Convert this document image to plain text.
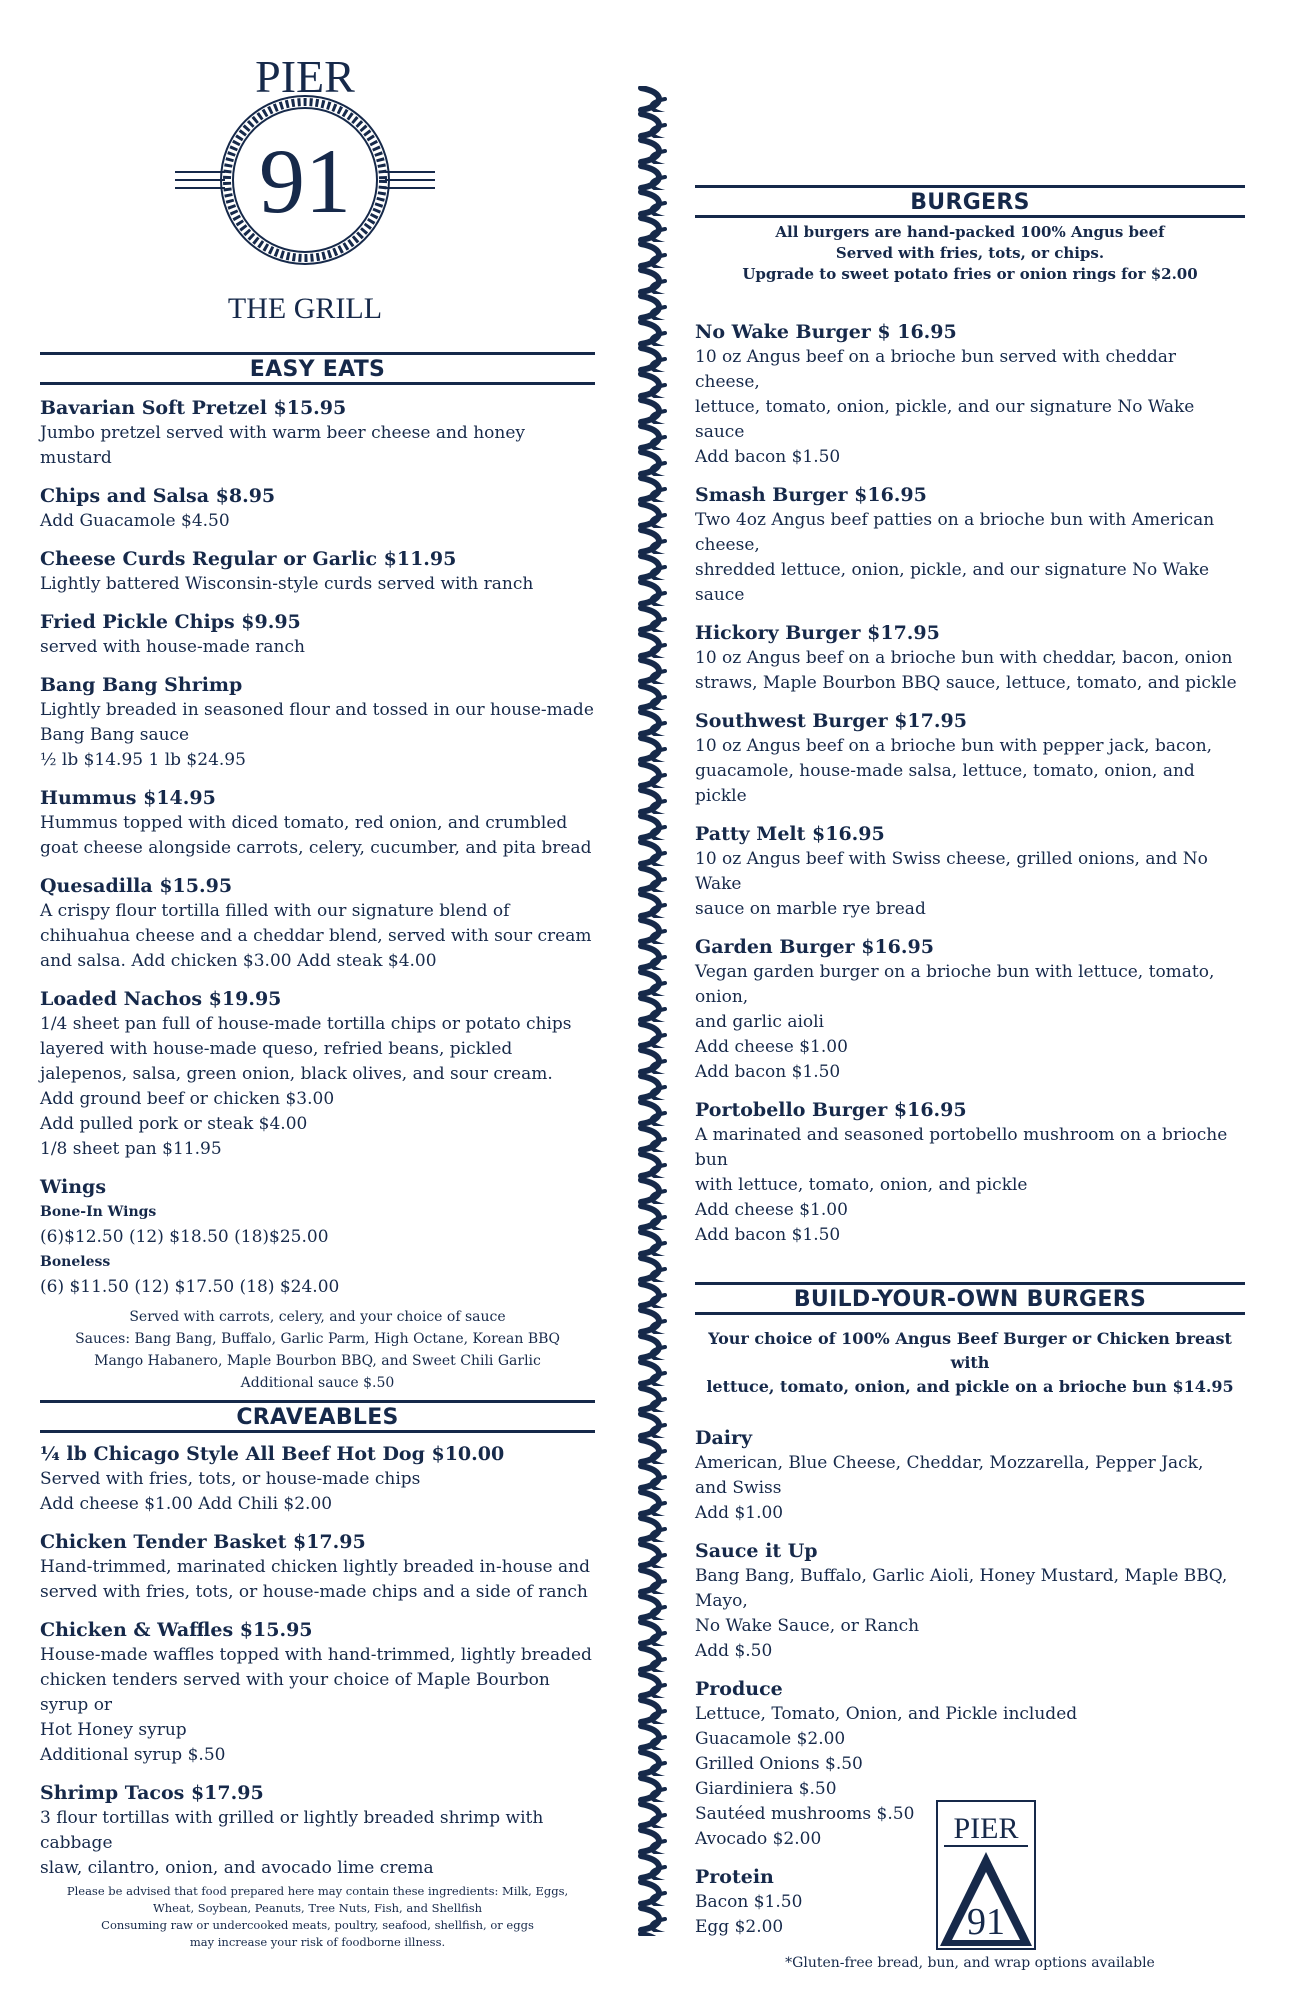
PIER
91
THE GRILL
EASY EATS
Bavarian Soft Pretzel $15.95
Jumbo pretzel served with warm beer cheese and honey
mustard
Chips and Salsa $8.95
Add Guacamole $4.50
Cheese Curds Regular or Garlic $11.95
Lightly battered Wisconsin-style curds served with ranch
Fried Pickle Chips $9.95
served with house-made ranch
Bang Bang Shrimp
Lightly breaded in seasoned flour and tossed in our house-made
Bang Bang sauce
½ lb $14.95 1 lb $24.95
Hummus $14.95
Hummus topped with diced tomato, red onion, and crumbled
goat cheese alongside carrots, celery, cucumber, and pita bread
Quesadilla $15.95
A crispy flour tortilla filled with our signature blend of
chihuahua cheese and a cheddar blend, served with sour cream
and salsa. Add chicken $3.00 Add steak $4.00
Loaded Nachos $19.95
1/4 sheet pan full of house-made tortilla chips or potato chips
layered with house-made queso, refried beans, pickled
jalepenos, salsa, green onion, black olives, and sour cream.
Add ground beef or chicken $3.00
Add pulled pork or steak $4.00
1/8 sheet pan $11.95
Wings
Bone-In Wings
(6)$12.50 (12) $18.50 (18)$25.00
Boneless
(6) $11.50 (12) $17.50 (18) $24.00
Served with carrots, celery, and your choice of sauce
Sauces: Bang Bang, Buffalo, Garlic Parm, High Octane, Korean BBQ
Mango Habanero, Maple Bourbon BBQ, and Sweet Chili Garlic
Additional sauce $.50
CRAVEABLES
¼ lb Chicago Style All Beef Hot Dog $10.00
Served with fries, tots, or house-made chips
Add cheese $1.00 Add Chili $2.00
Chicken Tender Basket $17.95
Hand-trimmed, marinated chicken lightly breaded in-house and
served with fries, tots, or house-made chips and a side of ranch
Chicken & Waffles $15.95
House-made waffles topped with hand-trimmed, lightly breaded
chicken tenders served with your choice of Maple Bourbon syrup or
Hot Honey syrup
Additional syrup $.50
Shrimp Tacos $17.95
3 flour tortillas with grilled or lightly breaded shrimp with cabbage
slaw, cilantro, onion, and avocado lime crema
Please be advised that food prepared here may contain these ingredients: Milk, Eggs,
Wheat, Soybean, Peanuts, Tree Nuts, Fish, and Shellfish
Consuming raw or undercooked meats, poultry, seafood, shellfish, or eggs
may increase your risk of foodborne illness.
BURGERS
All burgers are hand-packed 100% Angus beef
Served with fries, tots, or chips.
Upgrade to sweet potato fries or onion rings for $2.00
No Wake Burger $ 16.95
10 oz Angus beef on a brioche bun served with cheddar cheese,
lettuce, tomato, onion, pickle, and our signature No Wake sauce
Add bacon $1.50
Smash Burger $16.95
Two 4oz Angus beef patties on a brioche bun with American cheese,
shredded lettuce, onion, pickle, and our signature No Wake sauce
Hickory Burger $17.95
10 oz Angus beef on a brioche bun with cheddar, bacon, onion
straws, Maple Bourbon BBQ sauce, lettuce, tomato, and pickle
Southwest Burger $17.95
10 oz Angus beef on a brioche bun with pepper jack, bacon,
guacamole, house-made salsa, lettuce, tomato, onion, and pickle
Patty Melt $16.95
10 oz Angus beef with Swiss cheese, grilled onions, and No Wake
sauce on marble rye bread
Garden Burger $16.95
Vegan garden burger on a brioche bun with lettuce, tomato, onion,
and garlic aioli
Add cheese $1.00
Add bacon $1.50
Portobello Burger $16.95
A marinated and seasoned portobello mushroom on a brioche bun
with lettuce, tomato, onion, and pickle
Add cheese $1.00
Add bacon $1.50
BUILD-YOUR-OWN BURGERS
Your choice of 100% Angus Beef Burger or Chicken breast with
lettuce, tomato, onion, and pickle on a brioche bun $14.95
Dairy
American, Blue Cheese, Cheddar, Mozzarella, Pepper Jack,
and Swiss
Add $1.00
Sauce it Up
Bang Bang, Buffalo, Garlic Aioli, Honey Mustard, Maple BBQ,
Mayo,
No Wake Sauce, or Ranch
Add $.50
Produce
Lettuce, Tomato, Onion, and Pickle included
Guacamole $2.00
Grilled Onions $.50
Giardiniera $.50
Sautéed mushrooms $.50
Avocado $2.00
Protein
Bacon $1.50
Egg $2.00
*Gluten-free bread, bun, and wrap options available
PIER
91
